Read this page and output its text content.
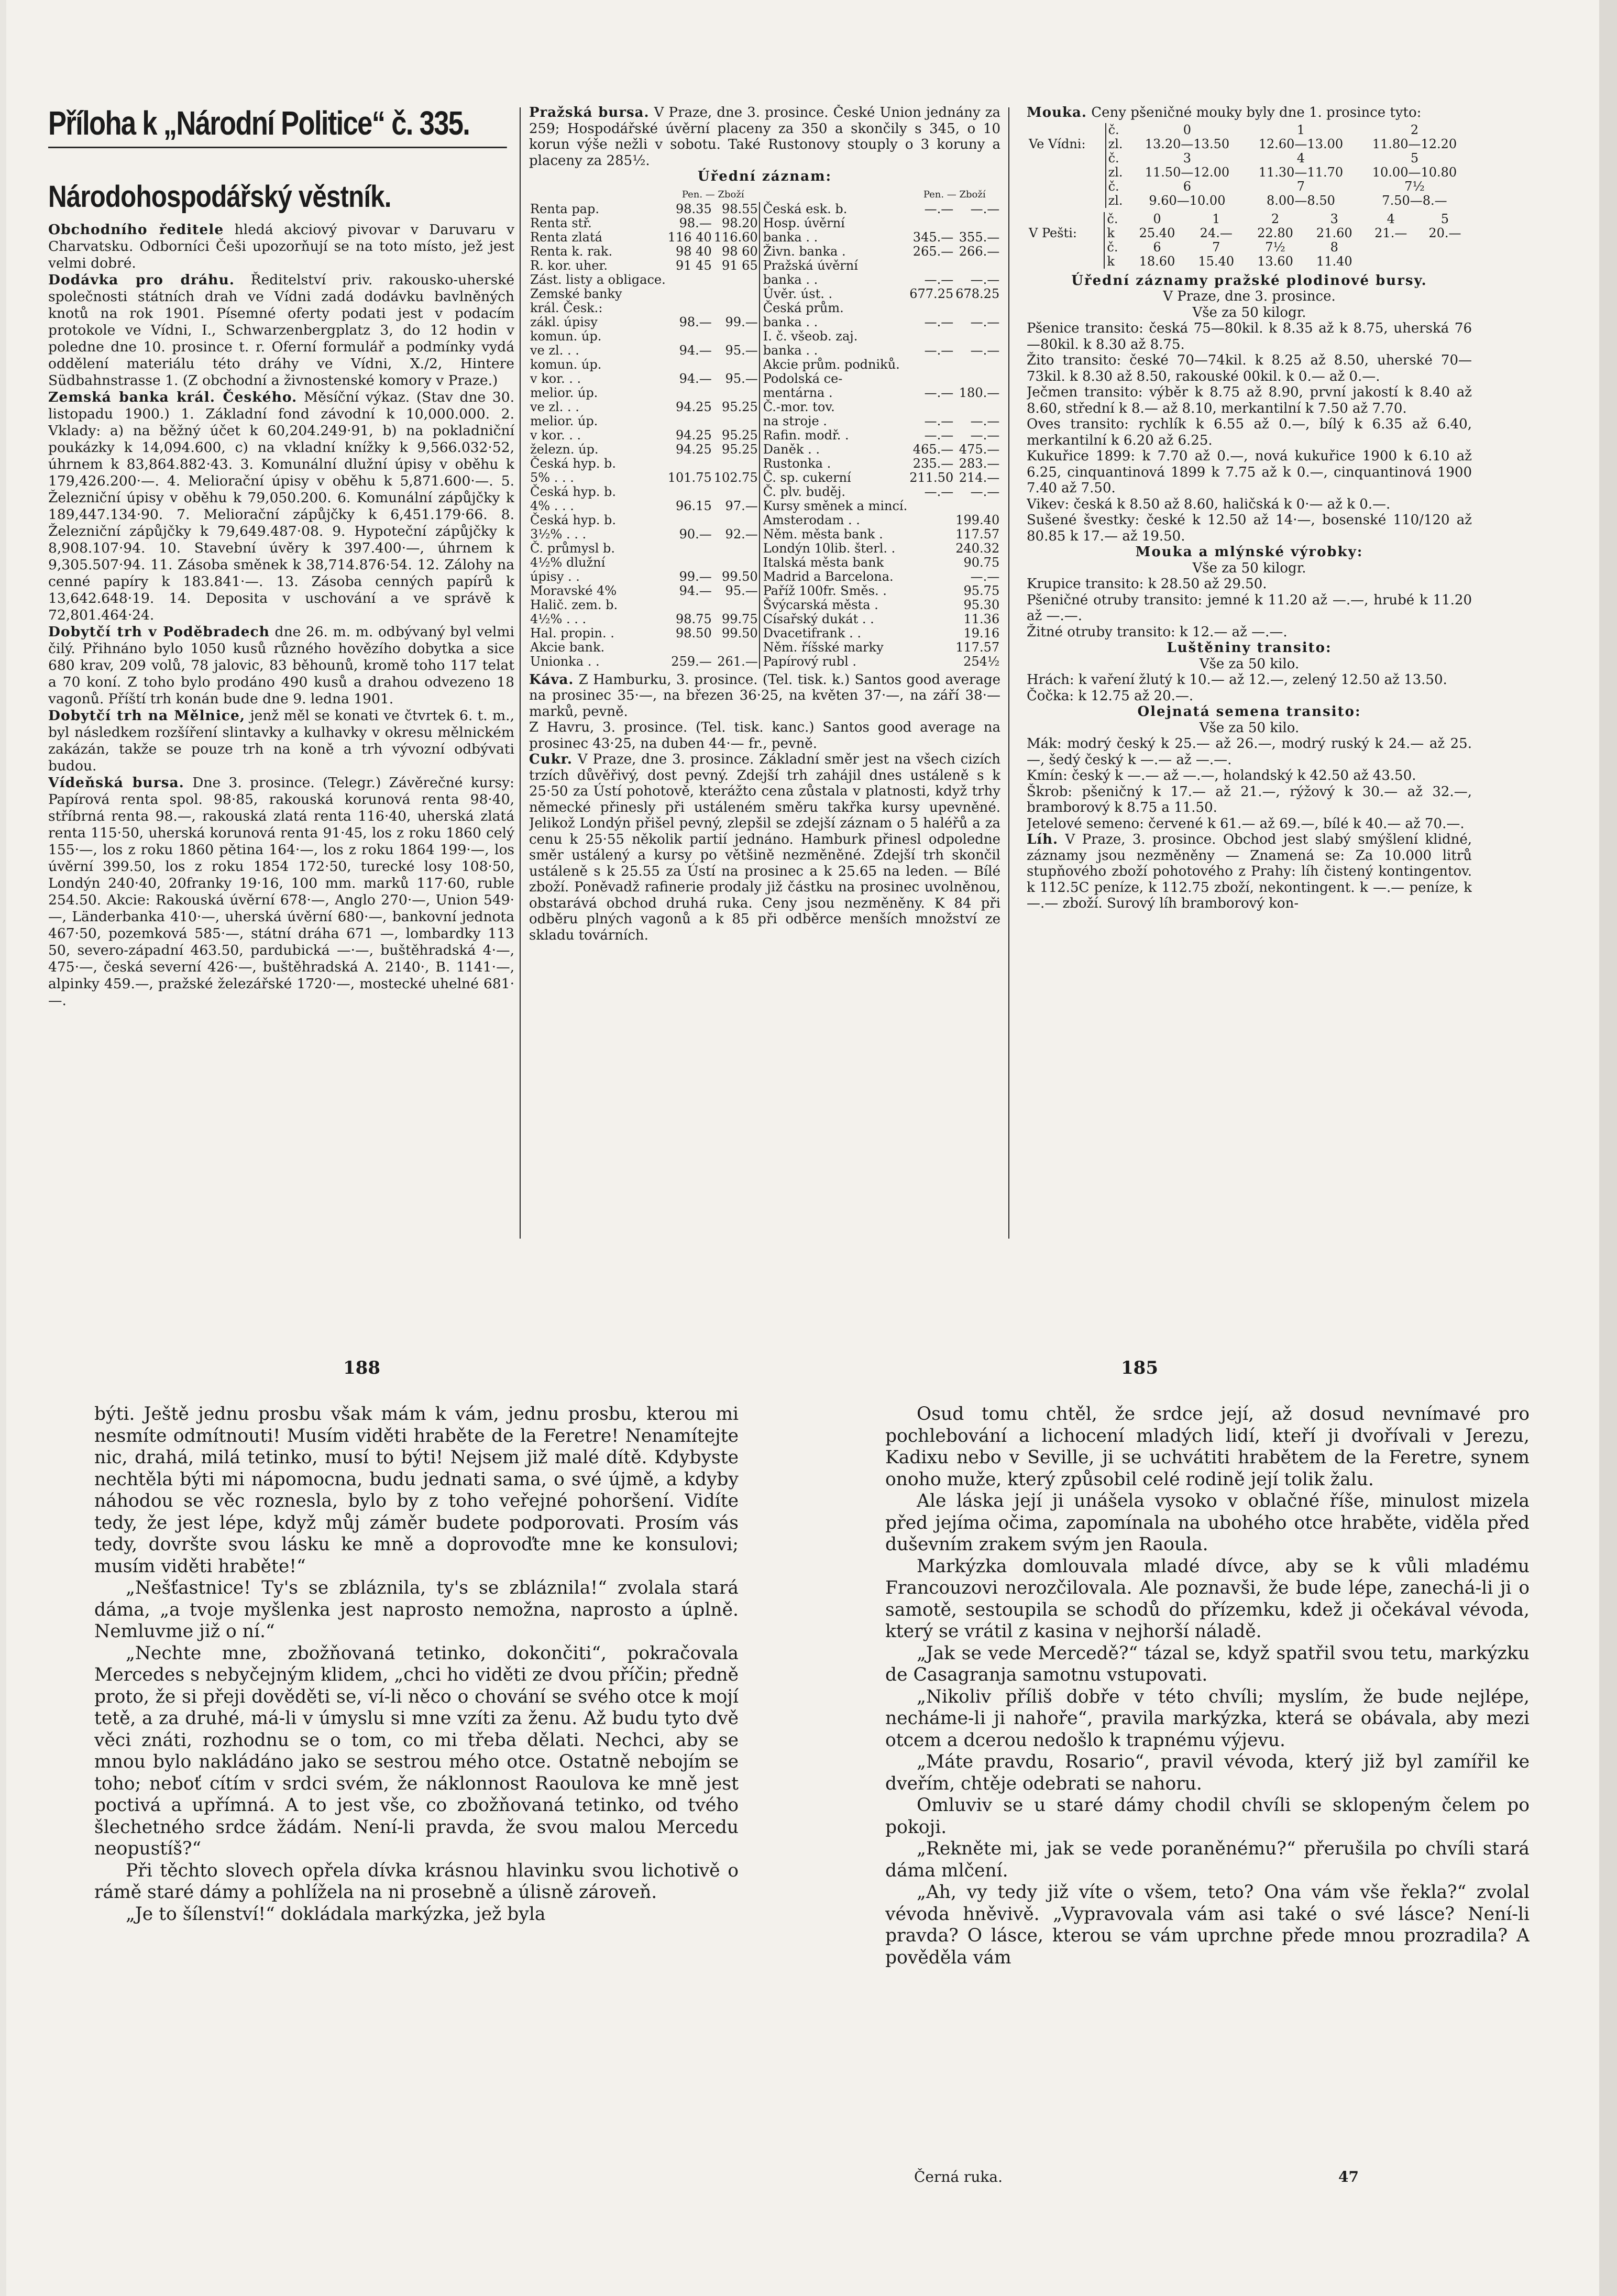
Příloha k „Národní Politice“ č. 335.
Národohospodářský věstník.

Obchodního ředitele hledá akciový pivovar v Daruvaru v Charvatsku. Odborníci Češi upozorňují se na toto místo, jež jest velmi dobré.

Dodávka pro dráhu. Ředitelství priv. rakousko-uherské společnosti státních drah ve Vídni zadá dodávku bavlněných knotů na rok 1901. Písemné oferty podati jest v podacím protokole ve Vídni, I., Schwarzenbergplatz 3, do 12 hodin v poledne dne 10. prosince t. r. Oferní formulář a podmínky vydá oddělení materiálu této dráhy ve Vídni, X./2, Hintere Südbahnstrasse 1. (Z obchodní a živnostenské komory v Praze.)

Zemská banka král. Českého. Měsíční výkaz. (Stav dne 30. listopadu 1900.) 1. Základní fond závodní k 10,000.000. 2. Vklady: a) na běžný účet k 60,204.249·91, b) na pokladniční poukázky k 14,094.600, c) na vkladní knížky k 9,566.032·52, úhrnem k 83,864.882·43. 3. Komunální dlužní úpisy v oběhu k 179,426.200·—. 4. Meliorační úpisy v oběhu k 5,871.600·—. 5. Železniční úpisy v oběhu k 79,050.200. 6. Komunální zápůjčky k 189,447.134·90. 7. Meliorační zápůjčky k 6,451.179·66. 8. Železniční zápůjčky k 79,649.487·08. 9. Hypoteční zápůjčky k 8,908.107·94. 10. Stavební úvěry k 397.400·—, úhrnem k 9,305.507·94. 11. Zásoba směnek k 38,714.876·54. 12. Zálohy na cenné papíry k 183.841·—. 13. Zásoba cenných papírů k 13,642.648·19. 14. Deposita v uschování a ve správě k 72,801.464·24.

Dobytčí trh v Poděbradech dne 26. m. m. odbývaný byl velmi čilý. Přihnáno bylo 1050 kusů různého hovězího dobytka a sice 680 krav, 209 volů, 78 jalovic, 83 běhounů, kromě toho 117 telat a 70 koní. Z toho bylo prodáno 490 kusů a drahou odvezeno 18 vagonů. Příští trh konán bude dne 9. ledna 1901.

Dobytčí trh na Mělnice, jenž měl se konati ve čtvrtek 6. t. m., byl následkem rozšíření slintavky a kulhavky v okresu mělnickém zakázán, takže se pouze trh na koně a trh vývozní odbývati budou.

Vídeňská bursa. Dne 3. prosince. (Telegr.) Závěrečné kursy: Papírová renta spol. 98·85, rakouská korunová renta 98·40, stříbrná renta 98.—, rakouská zlatá renta 116·40, uherská zlatá renta 115·50, uherská korunová renta 91·45, los z roku 1860 celý 155·—, los z roku 1860 pětina 164·—, los z roku 1864 199·—, los úvěrní 399.50, los z roku 1854 172·50, turecké losy 108·50, Londýn 240·40, 20franky 19·16, 100 mm. marků 117·60, ruble 254.50. Akcie: Rakouská úvěrní 678·—, Anglo 270·—, Union 549·—, Länderbanka 410·—, uherská úvěrní 680·—, bankovní jednota 467·50, pozemková 585·—, státní dráha 671 —, lombardky 113 50, severo-západní 463.50, pardubická —·—, buštěhradská 4·—, 475·—, česká severní 426·—, buštěhradská A. 2140·, B. 1141·—, alpinky 459.—, pražské železářské 1720·—, mostecké uhelné 681·—.

Pražská bursa. V Praze, dne 3. prosince. České Union jednány za 259; Hospodářské úvěrní placeny za 350 a skončily s 345, o 10 korun výše nežli v sobotu. Také Rustonovy stouply o 3 koruny a placeny za 285½.

Úřední záznam:

	Pen. — Zboží			Pen. — Zboží	
Renta pap.	98.35	98.55	Česká esk. b.	—.—	—.—
Renta stř.	98.—	98.20	Hosp. úvěrní		
Renta zlatá	116 40	116.60	banka . .	345.—	355.—
Renta k. rak.	98 40	98 60	Živn. banka .	265.—	266.—
R. kor. uher.	91 45	91 65	Pražská úvěrní		
Zást. listy a obligace.			banka . .	—.—	—.—
Zemské banky			Úvěr. úst. .	677.25	678.25
král. Česk.:			Česká prům.		
zákl. úpisy	98.—	99.—	banka . .	—.—	—.—
komun. úp.			I. č. všeob. zaj.		
ve zl. . .	94.—	95.—	banka . .	—.—	—.—
komun. úp.			Akcie prům. podniků.		
v kor. . .	94.—	95.—	Podolská ce-		
melior. úp.			mentárna .	—.—	180.—
ve zl. . .	94.25	95.25	Č.-mor. tov.		
melior. úp.			na stroje .	—.—	—.—
v kor. . .	94.25	95.25	Rafin. modř. .	—.—	—.—
železn. úp.	94.25	95.25	Daněk . .	465.—	475.—
Česká hyp. b.			Rustonka .	235.—	283.—
5% . . .	101.75	102.75	Č. sp. cukerní	211.50	214.—
Česká hyp. b.			Č. plv. buděj.	—.—	—.—
4% . . .	96.15	97.—	Kursy směnek a mincí.		
Česká hyp. b.			Amsterodam . .		199.40
3½% . . .	90.—	92.—	Něm. města bank .		117.57
Č. průmysl b.			Londýn 10lib. šterl. .		240.32
4½% dlužní			Italská města bank		90.75
úpisy . .	99.—	99.50	Madrid a Barcelona.		—.—
Moravské 4%	94.—	95.—	Paříž 100fr. Směs. .		95.75
Halič. zem. b.			Švýcarská města .		95.30
4½% . . .	98.75	99.75	Císařský dukát . .		11.36
Hal. propin. .	98.50	99.50	Dvacetifrank . .		19.16
Akcie bank.			Něm. říšské marky		117.57
Unionka . .	259.—	261.—	Papírový rubl .		254½

Káva. Z Hamburku, 3. prosince. (Tel. tisk. k.) Santos good average na prosinec 35·—, na březen 36·25, na květen 37·—, na září 38·— marků, pevně.

Z Havru, 3. prosince. (Tel. tisk. kanc.) Santos good average na prosinec 43·25, na duben 44·— fr., pevně.

Cukr. V Praze, dne 3. prosince. Základní směr jest na všech cizích trzích důvěřivý, dost pevný. Zdejší trh zahájil dnes ustáleně s k 25·50 za Ústí pohotově, kterážto cena zůstala v platnosti, když trhy německé přinesly při ustáleném směru takřka kursy upevněné. Jelikož Londýn přišel pevný, zlepšil se zdejší záznam o 5 haléřů a za cenu k 25·55 několik partií jednáno. Hamburk přinesl odpoledne směr ustálený a kursy po většině nezměněné. Zdejší trh skončil ustáleně s k 25.55 za Ústí na prosinec a k 25.65 na leden. — Bílé zboží. Poněvadž rafinerie prodaly již částku na prosinec uvolněnou, obstarává obchod druhá ruka. Ceny jsou nezměněny. K 84 při odběru plných vagonů a k 85 při odběrce menších množství ze skladu továrních.

Mouka. Ceny pšeničné mouky byly dne 1. prosince tyto:

	č.	0	1	2
Ve Vídni:	zl.	13.20—13.50	12.60—13.00	11.80—12.20
	č.	3	4	5
	zl.	11.50—12.00	11.30—11.70	10.00—10.80
	č.	6	7	7½
	zl.	9.60—10.00	8.00—8.50	7.50—8.—
	č.	0	1	2	3	4	5
V Pešti:	k	25.40	24.—	22.80	21.60	21.—	20.—
	č.	6	7	7½	8		
	k	18.60	15.40	13.60	11.40		

Úřední záznamy pražské plodinové bursy.

V Praze, dne 3. prosince.

Vše za 50 kilogr.

Pšenice transito: česká 75—80kil. k 8.35 až k 8.75, uherská 76—80kil. k 8.30 až 8.75.

Žito transito: české 70—74kil. k 8.25 až 8.50, uherské 70—73kil. k 8.30 až 8.50, rakouské 00kil. k 0.— až 0.—.

Ječmen transito: výběr k 8.75 až 8.90, první jakostí k 8.40 až 8.60, střední k 8.— až 8.10, merkantilní k 7.50 až 7.70.

Oves transito: rychlík k 6.55 až 0.—, bílý k 6.35 až 6.40, merkantilní k 6.20 až 6.25.

Kukuřice 1899: k 7.70 až 0.—, nová kukuřice 1900 k 6.10 až 6.25, cinquantinová 1899 k 7.75 až k 0.—, cinquantinová 1900 7.40 až 7.50.

Vikev: česká k 8.50 až 8.60, haličská k 0·— až k 0.—.

Sušené švestky: české k 12.50 až 14·—, bosenské 110/120 až 80.85 k 17.— až 19.50.

Mouka a mlýnské výrobky:

Vše za 50 kilogr.

Krupice transito: k 28.50 až 29.50.

Pšeničné otruby transito: jemné k 11.20 až —.—, hrubé k 11.20 až —.—.

Žitné otruby transito: k 12.— až —.—.

Luštěniny transito:

Vše za 50 kilo.

Hrách: k vaření žlutý k 10.— až 12.—, zelený 12.50 až 13.50.

Čočka: k 12.75 až 20.—.

Olejnatá semena transito:

Vše za 50 kilo.

Mák: modrý český k 25.— až 26.—, modrý ruský k 24.— až 25.—, šedý český k —.— až —.—.

Kmín: český k —.— až —.—, holandský k 42.50 až 43.50.

Škrob: pšeničný k 17.— až 21.—, rýžový k 30.— až 32.—, bramborový k 8.75 a 11.50.

Jetelové semeno: červené k 61.— až 69.—, bílé k 40.— až 70.—.

Líh. V Praze, 3. prosince. Obchod jest slabý smýšlení klidné, záznamy jsou nezměněny — Znamená se: Za 10.000 litrů stupňového zboží pohotového z Prahy: líh čistený kontingentov. k 112.5C peníze, k 112.75 zboží, nekontingent. k —.— peníze, k —.— zboží. Surový líh bramborový kon-

188	185

býti. Ještě jednu prosbu však mám k vám, jednu prosbu, kterou mi nesmíte odmítnouti! Musím viděti hraběte de la Feretre! Nenamítejte nic, drahá, milá tetinko, musí to býti! Nejsem již malé dítě. Kdybyste nechtěla býti mi nápomocna, budu jednati sama, o své újmě, a kdyby náhodou se věc roznesla, bylo by z toho veřejné pohoršení. Vidíte tedy, že jest lépe, když můj záměr budete podporovati. Prosím vás tedy, dovršte svou lásku ke mně a doprovoďte mne ke konsulovi; musím viděti hraběte!“

„Nešťastnice! Ty's se zbláznila, ty's se zbláznila!“ zvolala stará dáma, „a tvoje myšlenka jest naprosto nemožna, naprosto a úplně. Nemluvme již o ní.“

„Nechte mne, zbožňovaná tetinko, dokončiti“, pokračovala Mercedes s nebyčejným klidem, „chci ho viděti ze dvou příčin; předně proto, že si přeji dověděti se, ví-li něco o chování se svého otce k mojí tetě, a za druhé, má-li v úmyslu si mne vzíti za ženu. Až budu tyto dvě věci znáti, rozhodnu se o tom, co mi třeba dělati. Nechci, aby se mnou bylo nakládáno jako se sestrou mého otce. Ostatně nebojím se toho; neboť cítím v srdci svém, že náklonnost Raoulova ke mně jest poctivá a upřímná. A to jest vše, co zbožňovaná tetinko, od tvého šlechetného srdce žádám. Není-li pravda, že svou malou Mercedu neopustíš?“

Při těchto slovech opřela dívka krásnou hlavinku svou lichotivě o rámě staré dámy a pohlížela na ni prosebně a úlisně zároveň.

„Je to šílenství!“ dokládala markýzka, jež byla

Osud tomu chtěl, že srdce její, až dosud nevnímavé pro pochlebování a lichocení mladých lidí, kteří ji dvořívali v Jerezu, Kadixu nebo v Seville, ji se uchvátiti hrabětem de la Feretre, synem onoho muže, který způsobil celé rodině její tolik žalu.

Ale láska její ji unášela vysoko v oblačné říše, minulost mizela před jejíma očima, zapomínala na ubohého otce hraběte, viděla před duševním zrakem svým jen Raoula.

Markýzka domlouvala mladé dívce, aby se k vůli mladému Francouzovi nerozčilovala. Ale poznavši, že bude lépe, zanechá-li ji o samotě, sestoupila se schodů do přízemku, kdež ji očekával vévoda, který se vrátil z kasina v nejhorší náladě.

„Jak se vede Mercedě?“ tázal se, když spatřil svou tetu, markýzku de Casagranja samotnu vstupovati.

„Nikoliv příliš dobře v této chvíli; myslím, že bude nejlépe, necháme-li ji nahoře“, pravila markýzka, která se obávala, aby mezi otcem a dcerou nedošlo k trapnému výjevu.

„Máte pravdu, Rosario“, pravil vévoda, který již byl zamířil ke dveřím, chtěje odebrati se nahoru.

Omluviv se u staré dámy chodil chvíli se sklopeným čelem po pokoji.

„Rekněte mi, jak se vede poraněnému?“ přerušila po chvíli stará dáma mlčení.

„Ah, vy tedy již víte o všem, teto? Ona vám vše řekla?“ zvolal vévoda hněvivě. „Vypravovala vám asi také o své lásce? Není-li pravda? O lásce, kterou se vám uprchne přede mnou prozradila? A pověděla vám

Černá ruka.	47
